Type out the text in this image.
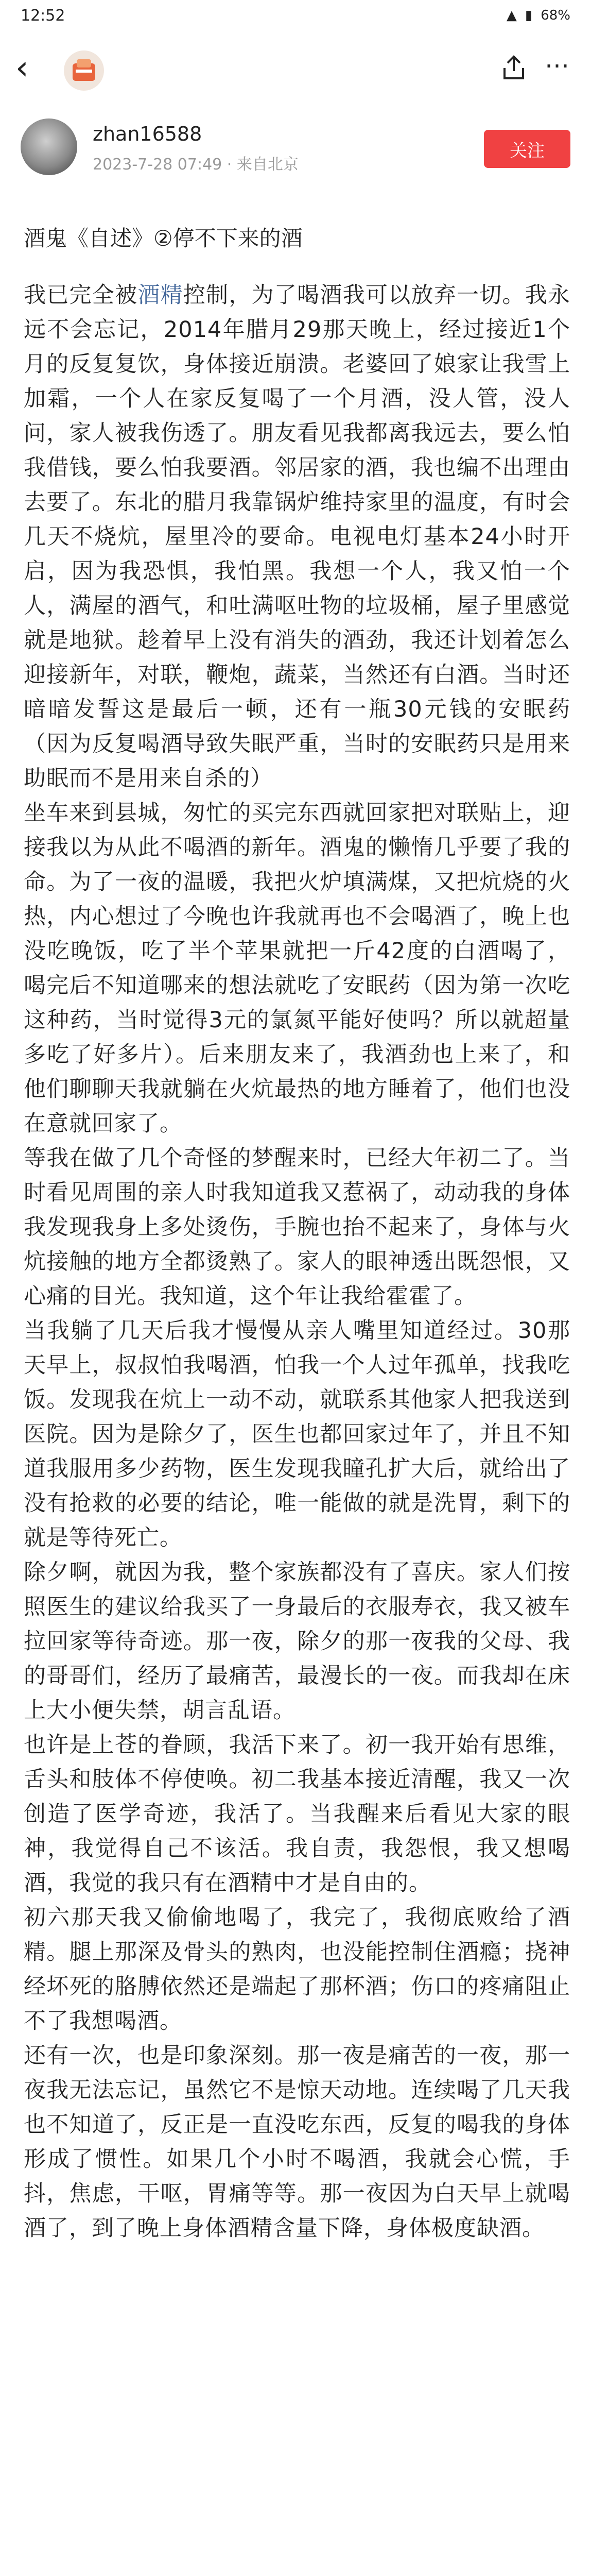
12:52	▲ ▮ 68%
‹	⋯
zhan16588
2023-7-28 07:49 · 来自北京
关注
酒鬼《自述》②停不下来的酒

我已完全被酒精控制，为了喝酒我可以放弃一切。我永远不会忘记，2014年腊月29那天晚上，经过接近1个月的反复复饮，身体接近崩溃。老婆回了娘家让我雪上加霜，一个人在家反复喝了一个月酒，没人管，没人问，家人被我伤透了。朋友看见我都离我远去，要么怕我借钱，要么怕我要酒。邻居家的酒，我也编不出理由去要了。东北的腊月我靠锅炉维持家里的温度，有时会几天不烧炕，屋里冷的要命。电视电灯基本24小时开启，因为我恐惧，我怕黑。我想一个人，我又怕一个人，满屋的酒气，和吐满呕吐物的垃圾桶，屋子里感觉就是地狱。趁着早上没有消失的酒劲，我还计划着怎么迎接新年，对联，鞭炮，蔬菜，当然还有白酒。当时还暗暗发誓这是最后一顿，还有一瓶30元钱的安眠药（因为反复喝酒导致失眠严重，当时的安眠药只是用来助眠而不是用来自杀的）

坐车来到县城，匆忙的买完东西就回家把对联贴上，迎接我以为从此不喝酒的新年。酒鬼的懒惰几乎要了我的命。为了一夜的温暖，我把火炉填满煤，又把炕烧的火热，内心想过了今晚也许我就再也不会喝酒了，晚上也没吃晚饭，吃了半个苹果就把一斤42度的白酒喝了，喝完后不知道哪来的想法就吃了安眠药（因为第一次吃这种药，当时觉得3元的氯氮平能好使吗？所以就超量多吃了好多片）。后来朋友来了，我酒劲也上来了，和他们聊聊天我就躺在火炕最热的地方睡着了，他们也没在意就回家了。

等我在做了几个奇怪的梦醒来时，已经大年初二了。当时看见周围的亲人时我知道我又惹祸了，动动我的身体我发现我身上多处烫伤，手腕也抬不起来了，身体与火炕接触的地方全都烫熟了。家人的眼神透出既怨恨，又心痛的目光。我知道，这个年让我给霍霍了。

当我躺了几天后我才慢慢从亲人嘴里知道经过。30那天早上，叔叔怕我喝酒，怕我一个人过年孤单，找我吃饭。发现我在炕上一动不动，就联系其他家人把我送到医院。因为是除夕了，医生也都回家过年了，并且不知道我服用多少药物，医生发现我瞳孔扩大后，就给出了没有抢救的必要的结论，唯一能做的就是洗胃，剩下的就是等待死亡。

除夕啊，就因为我，整个家族都没有了喜庆。家人们按照医生的建议给我买了一身最后的衣服寿衣，我又被车拉回家等待奇迹。那一夜，除夕的那一夜我的父母、我的哥哥们，经历了最痛苦，最漫长的一夜。而我却在床上大小便失禁，胡言乱语。

也许是上苍的眷顾，我活下来了。初一我开始有思维，舌头和肢体不停使唤。初二我基本接近清醒，我又一次创造了医学奇迹，我活了。当我醒来后看见大家的眼神，我觉得自己不该活。我自责，我怨恨，我又想喝酒，我觉的我只有在酒精中才是自由的。

初六那天我又偷偷地喝了，我完了，我彻底败给了酒精。腿上那深及骨头的熟肉，也没能控制住酒瘾；挠神经坏死的胳膊依然还是端起了那杯酒；伤口的疼痛阻止不了我想喝酒。

还有一次，也是印象深刻。那一夜是痛苦的一夜，那一夜我无法忘记，虽然它不是惊天动地。连续喝了几天我也不知道了，反正是一直没吃东西，反复的喝我的身体形成了惯性。如果几个小时不喝酒，我就会心慌，手抖，焦虑，干呕，胃痛等等。那一夜因为白天早上就喝酒了，到了晚上身体酒精含量下降，身体极度缺酒。
